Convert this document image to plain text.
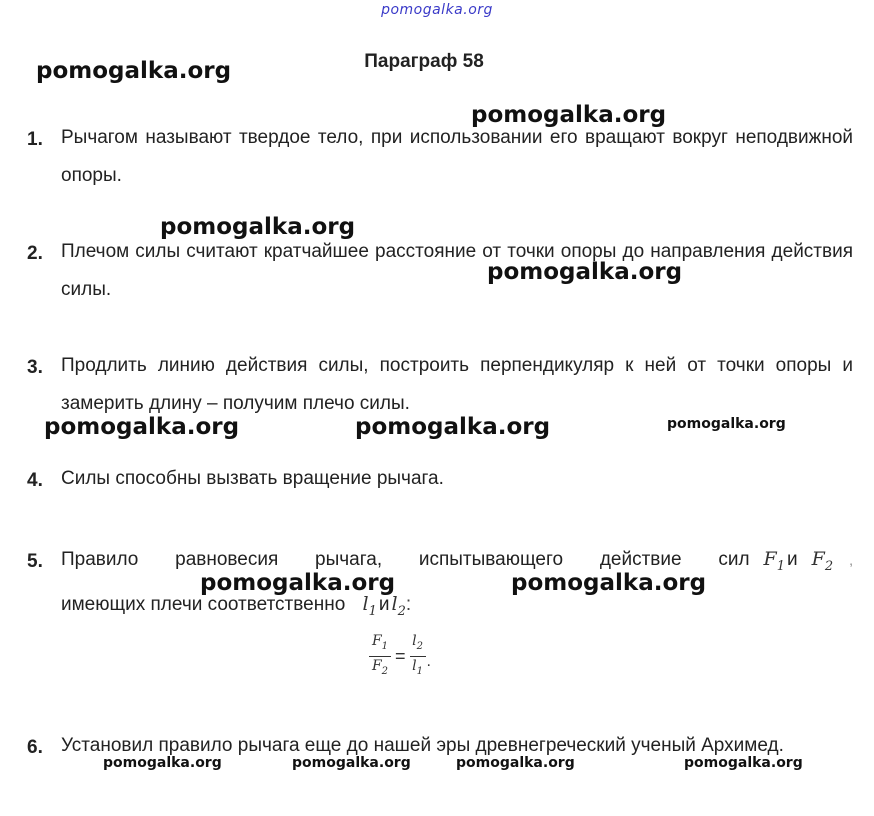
pomogalka.org
Параграф 58
1. Рычагом называют твердое тело, при использовании его вращают вокруг неподвижной опоры.
2. Плечом силы считают кратчайшее расстояние от точки опоры до направления действия силы.
3. Продлить линию действия силы, построить перпендикуляр к ней от точки опоры и замерить длину – получим плечо силы.
4. Силы способны вызвать вращение рычага.
5. Правило равновесия рычага, испытывающего действие сил $F_1$ и $F_2$ ,
имеющих плечи соответственно $l_1$ и $l_2$:
$\frac{F_1}{F_2} = \frac{l_2}{l_1}$ .
6. Установил правило рычага еще до нашей эры древнегреческий ученый Архимед.
pomogalka.org
pomogalka.org
pomogalka.org
pomogalka.org
pomogalka.org	pomogalka.org
pomogalka.org	pomogalka.org
pomogalka.org
pomogalka.org	pomogalka.org	pomogalka.org	pomogalka.org
